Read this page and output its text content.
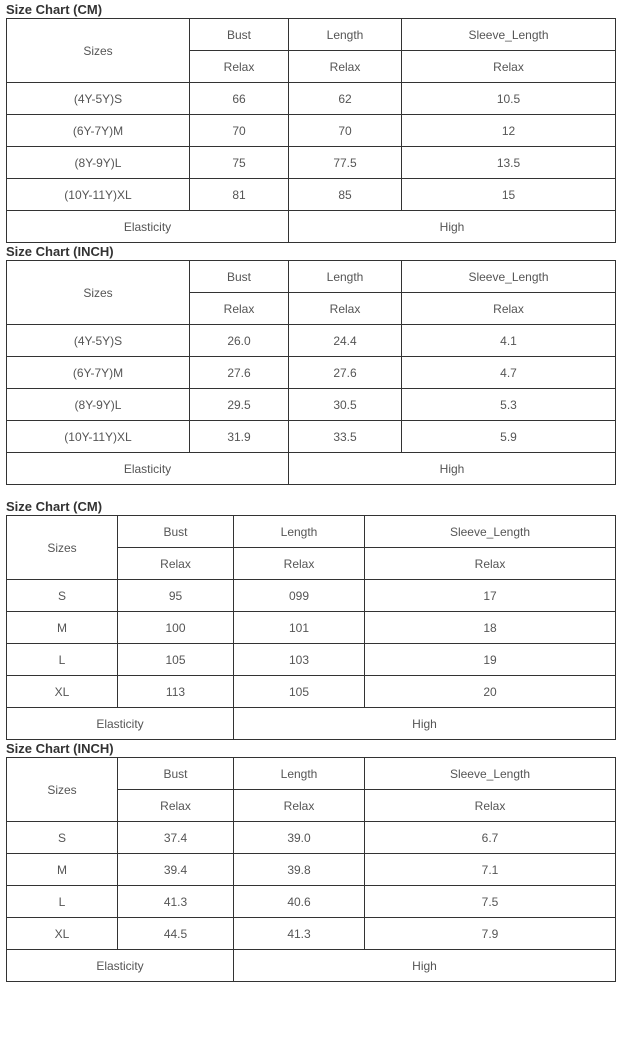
Size Chart (CM)
Sizes	Bust	Length	Sleeve_Length
	Relax	Relax	Relax
(4Y-5Y)S	66	62	10.5
(6Y-7Y)M	70	70	12
(8Y-9Y)L	75	77.5	13.5
(10Y-11Y)XL	81	85	15
Elasticity		High	
Size Chart (INCH)
Sizes	Bust	Length	Sleeve_Length
	Relax	Relax	Relax
(4Y-5Y)S	26.0	24.4	4.1
(6Y-7Y)M	27.6	27.6	4.7
(8Y-9Y)L	29.5	30.5	5.3
(10Y-11Y)XL	31.9	33.5	5.9
Elasticity		High	
Size Chart (CM)
Sizes	Bust	Length	Sleeve_Length
	Relax	Relax	Relax
S	95	099	17
M	100	101	18
L	105	103	19
XL	113	105	20
Elasticity		High	
Size Chart (INCH)
Sizes	Bust	Length	Sleeve_Length
	Relax	Relax	Relax
S	37.4	39.0	6.7
M	39.4	39.8	7.1
L	41.3	40.6	7.5
XL	44.5	41.3	7.9
Elasticity		High	
